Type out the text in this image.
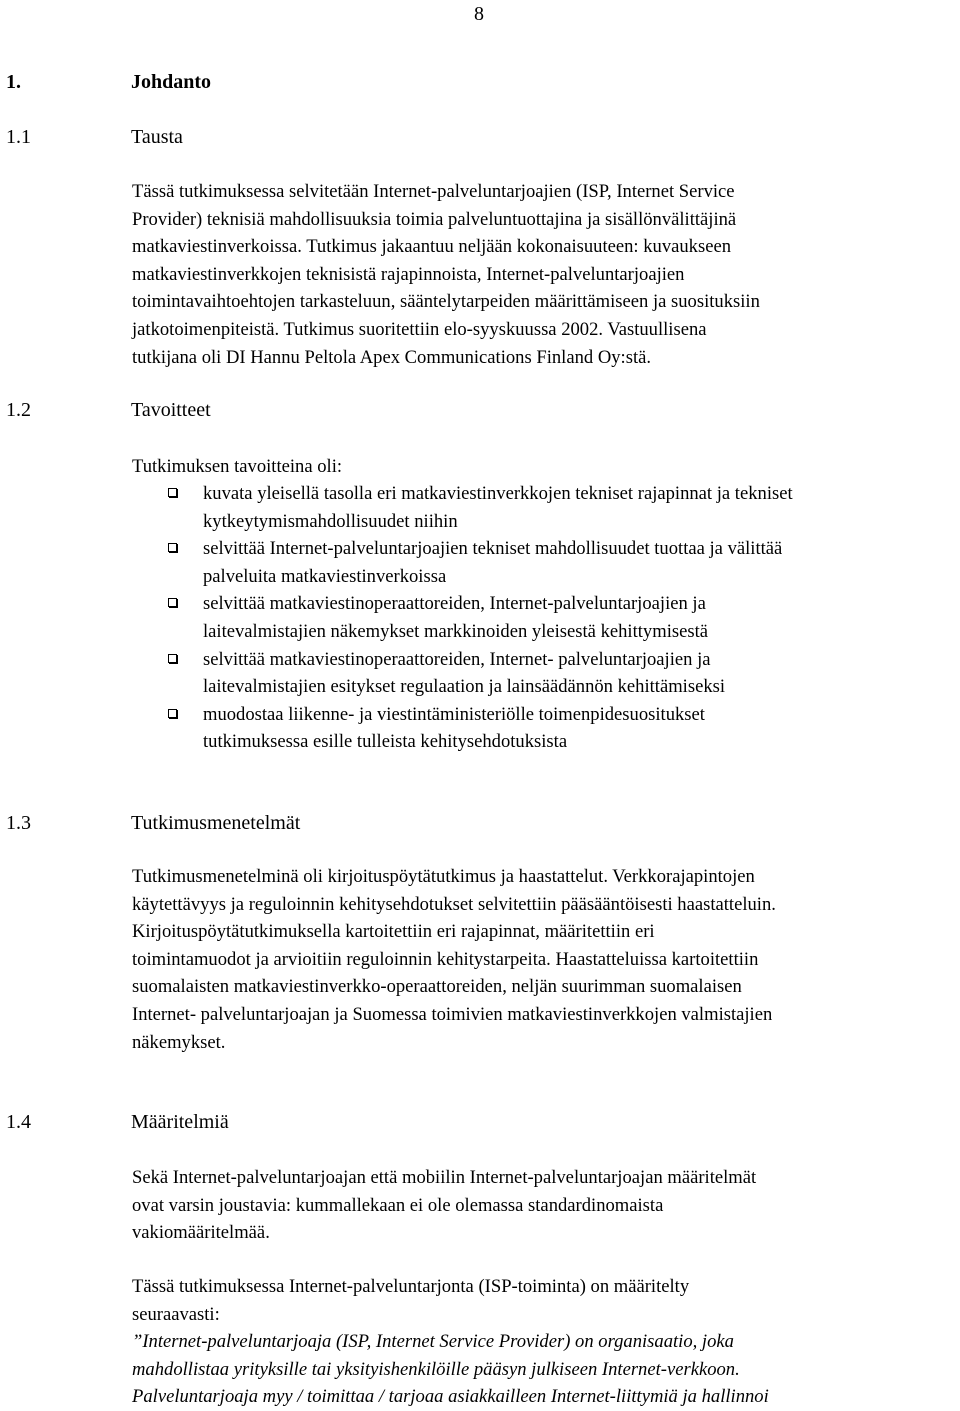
8
1.	Johdanto
1.1	Tausta
Tässä tutkimuksessa selvitetään Internet-palveluntarjoajien (ISP, Internet Service
Provider) teknisiä mahdollisuuksia toimia palveluntuottajina ja sisällönvälittäjinä
matkaviestinverkoissa. Tutkimus jakaantuu neljään kokonaisuuteen: kuvaukseen
matkaviestinverkkojen teknisistä rajapinnoista, Internet-palveluntarjoajien
toimintavaihtoehtojen tarkasteluun, sääntelytarpeiden määrittämiseen ja suosituksiin
jatkotoimenpiteistä. Tutkimus suoritettiin elo-syyskuussa 2002. Vastuullisena
tutkijana oli DI Hannu Peltola Apex Communications Finland Oy:stä.
1.2	Tavoitteet
Tutkimuksen tavoitteina oli:
kuvata yleisellä tasolla eri matkaviestinverkkojen tekniset rajapinnat ja tekniset
kytkeytymismahdollisuudet niihin
selvittää Internet-palveluntarjoajien tekniset mahdollisuudet tuottaa ja välittää
palveluita matkaviestinverkoissa
selvittää matkaviestinoperaattoreiden, Internet-palveluntarjoajien ja
laitevalmistajien näkemykset markkinoiden yleisestä kehittymisestä
selvittää matkaviestinoperaattoreiden, Internet- palveluntarjoajien ja
laitevalmistajien esitykset regulaation ja lainsäädännön kehittämiseksi
muodostaa liikenne- ja viestintäministeriölle toimenpidesuositukset
tutkimuksessa esille tulleista kehitysehdotuksista
1.3	Tutkimusmenetelmät
Tutkimusmenetelminä oli kirjoituspöytätutkimus ja haastattelut. Verkkorajapintojen
käytettävyys ja reguloinnin kehitysehdotukset selvitettiin pääsääntöisesti haastatteluin.
Kirjoituspöytätutkimuksella kartoitettiin eri rajapinnat, määritettiin eri
toimintamuodot ja arvioitiin reguloinnin kehitystarpeita. Haastatteluissa kartoitettiin
suomalaisten matkaviestinverkko-operaattoreiden, neljän suurimman suomalaisen
Internet- palveluntarjoajan ja Suomessa toimivien matkaviestinverkkojen valmistajien
näkemykset.
1.4	Määritelmiä
Sekä Internet-palveluntarjoajan että mobiilin Internet-palveluntarjoajan määritelmät
ovat varsin joustavia: kummallekaan ei ole olemassa standardinomaista
vakiomääritelmää.
Tässä tutkimuksessa Internet-palveluntarjonta (ISP-toiminta) on määritelty
seuraavasti:
”Internet-palveluntarjoaja (ISP, Internet Service Provider) on organisaatio, joka
mahdollistaa yrityksille tai yksityishenkilöille pääsyn julkiseen Internet-verkkoon.
Palveluntarjoaja myy / toimittaa / tarjoaa asiakkailleen Internet-liittymiä ja hallinnoi
